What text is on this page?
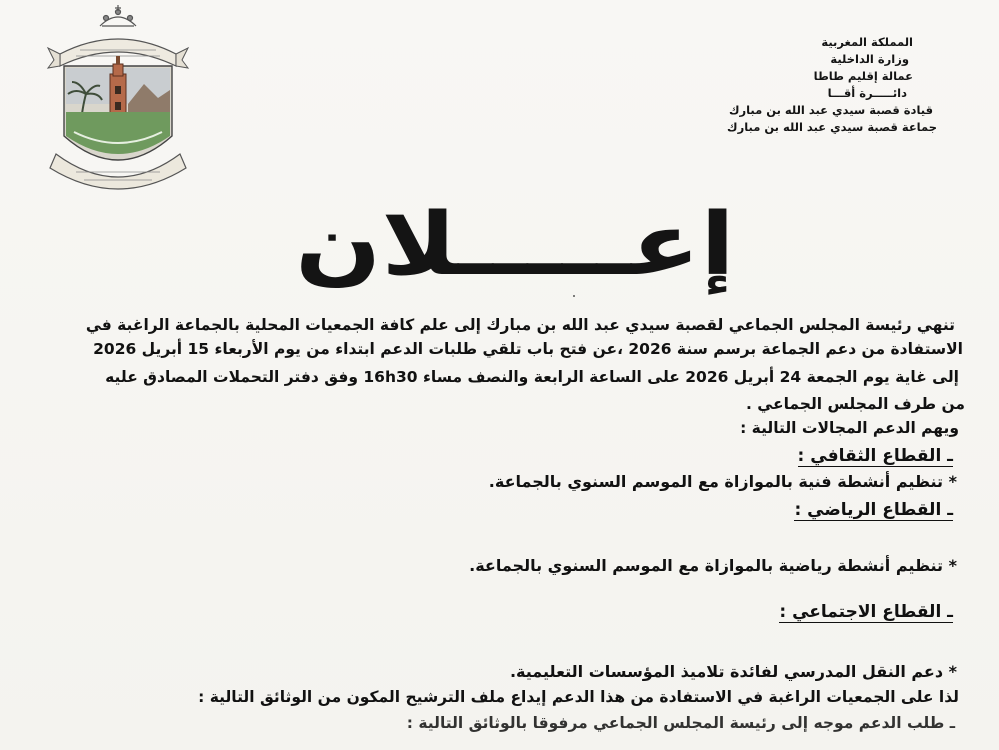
المملكة المغربية
وزارة الداخلية
عمالة إقليم طاطا
دائـــــرة أقـــا
قيادة قصبة سيدي عبد الله بن مبارك
جماعة قصبة سيدي عبد الله بن مبارك
إعـــــلان
تنهي رئيسة المجلس الجماعي لقصبة سيدي عبد الله بن مبارك إلى علم كافة الجمعيات المحلية بالجماعة الراغبة في
الاستفادة من دعم الجماعة برسم سنة 2026 ،عن فتح باب تلقي طلبات الدعم ابتداء من يوم الأربعاء 15 أبريل 2026
إلى غاية يوم الجمعة 24 أبريل 2026 على الساعة الرابعة والنصف مساء 16h30 وفق دفتر التحملات المصادق عليه
من طرف المجلس الجماعي .
ويهم الدعم المجالات التالية :
ـ القطاع الثقافي :
* تنظيم أنشطة فنية بالموازاة مع الموسم السنوي بالجماعة.
ـ القطاع الرياضي :
* تنظيم أنشطة رياضية بالموازاة مع الموسم السنوي بالجماعة.
ـ القطاع الاجتماعي :
* دعم النقل المدرسي لفائدة تلاميذ المؤسسات التعليمية.
لذا على الجمعيات الراغبة في الاستفادة من هذا الدعم إيداع ملف الترشيح المكون من الوثائق التالية :
ـ طلب الدعم موجه إلى رئيسة المجلس الجماعي مرفوقا بالوثائق التالية :
